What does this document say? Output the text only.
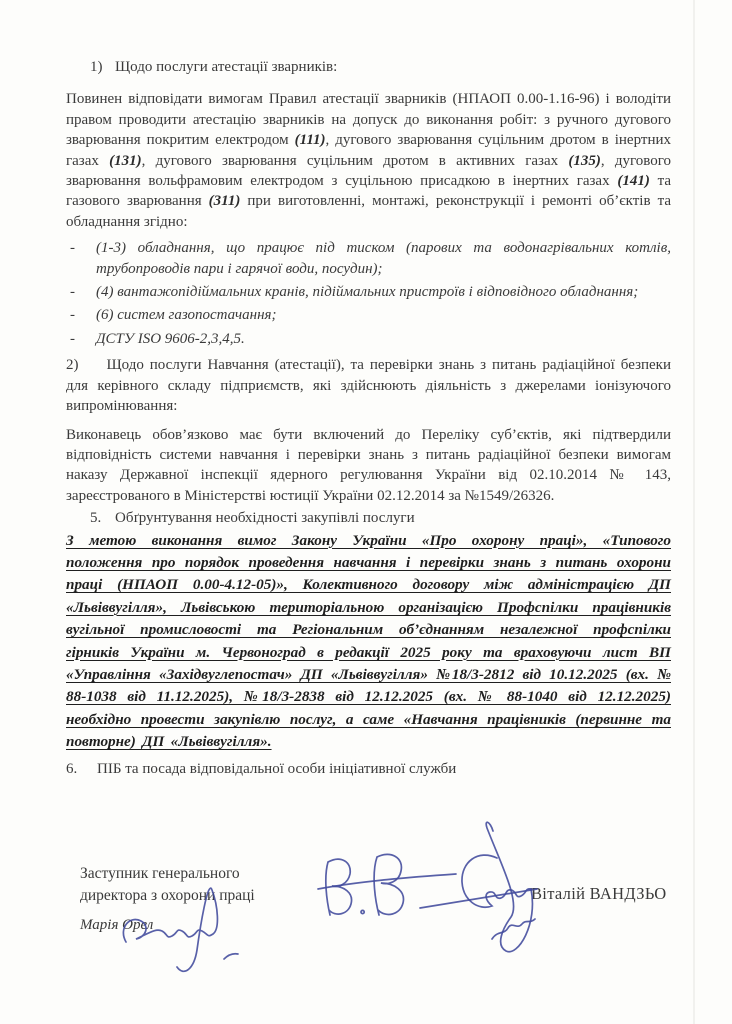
1) Щодо послуги атестації зварників:

Повинен відповідати вимогам Правил атестації зварників (НПАОП 0.00-1.16-96) і володіти правом проводити атестацію зварників на допуск до виконання робіт: з ручного дугового зварювання покритим електродом (111), дугового зварювання суцільним дротом в інертних газах (131), дугового зварювання суцільним дротом в активних газах (135), дугового зварювання вольфрамовим електродом з суцільною присадкою в інертних газах (141) та газового зварювання (311) при виготовленні, монтажі, реконструкції і ремонті об’єктів та обладнання згідно:

-	(1-3) обладнання, що працює під тиском (парових та водонагрівальних котлів, трубопроводів пари і гарячої води, посудин);
-	(4) вантажопідіймальних кранів, підіймальних пристроїв і відповідного обладнання;
-	(6) систем газопостачання;
-	ДСТУ ISO 9606-2,3,4,5.

2) Щодо послуги Навчання (атестації), та перевірки знань з питань радіаційної безпеки для керівного складу підприємств, які здійснюють діяльність з джерелами іонізуючого випромінювання:

Виконавець обов’язково має бути включений до Переліку суб’єктів, які підтвердили відповідність системи навчання і перевірки знань з питань радіаційної безпеки вимогам наказу Державної інспекції ядерного регулювання України від 02.10.2014 № 143, зареєстрованого в Міністерстві юстиції України 02.12.2014 за №1549/26326.

5. Обґрунтування необхідності закупівлі послуги

З метою виконання вимог Закону України «Про охорону праці», «Типового положення про порядок проведення навчання і перевірки знань з питань охорони праці (НПАОП 0.00-4.12-05)», Колективного договору між адміністрацією ДП «Львіввугілля», Львівською територіальною організацією Профспілки працівників вугільної промисловості та Регіональним об’єднанням незалежної профспілки гірників України м. Червоноград в редакції 2025 року та враховуючи лист ВП «Управління «Західвуглепостач» ДП «Львіввугілля» №18/3-2812 від 10.12.2025 (вх. № 88-1038 від 11.12.2025), №18/3-2838 від 12.12.2025 (вх. № 88-1040 від 12.12.2025) необхідно провести закупівлю послуг, а саме «Навчання працівників (первинне та повторне) ДП «Львіввугілля».

6. ПІБ та посада відповідальної особи ініціативної служби

Заступник генерального
директора з охорони праці
Марія Орел
Віталій ВАНДЗЬО
